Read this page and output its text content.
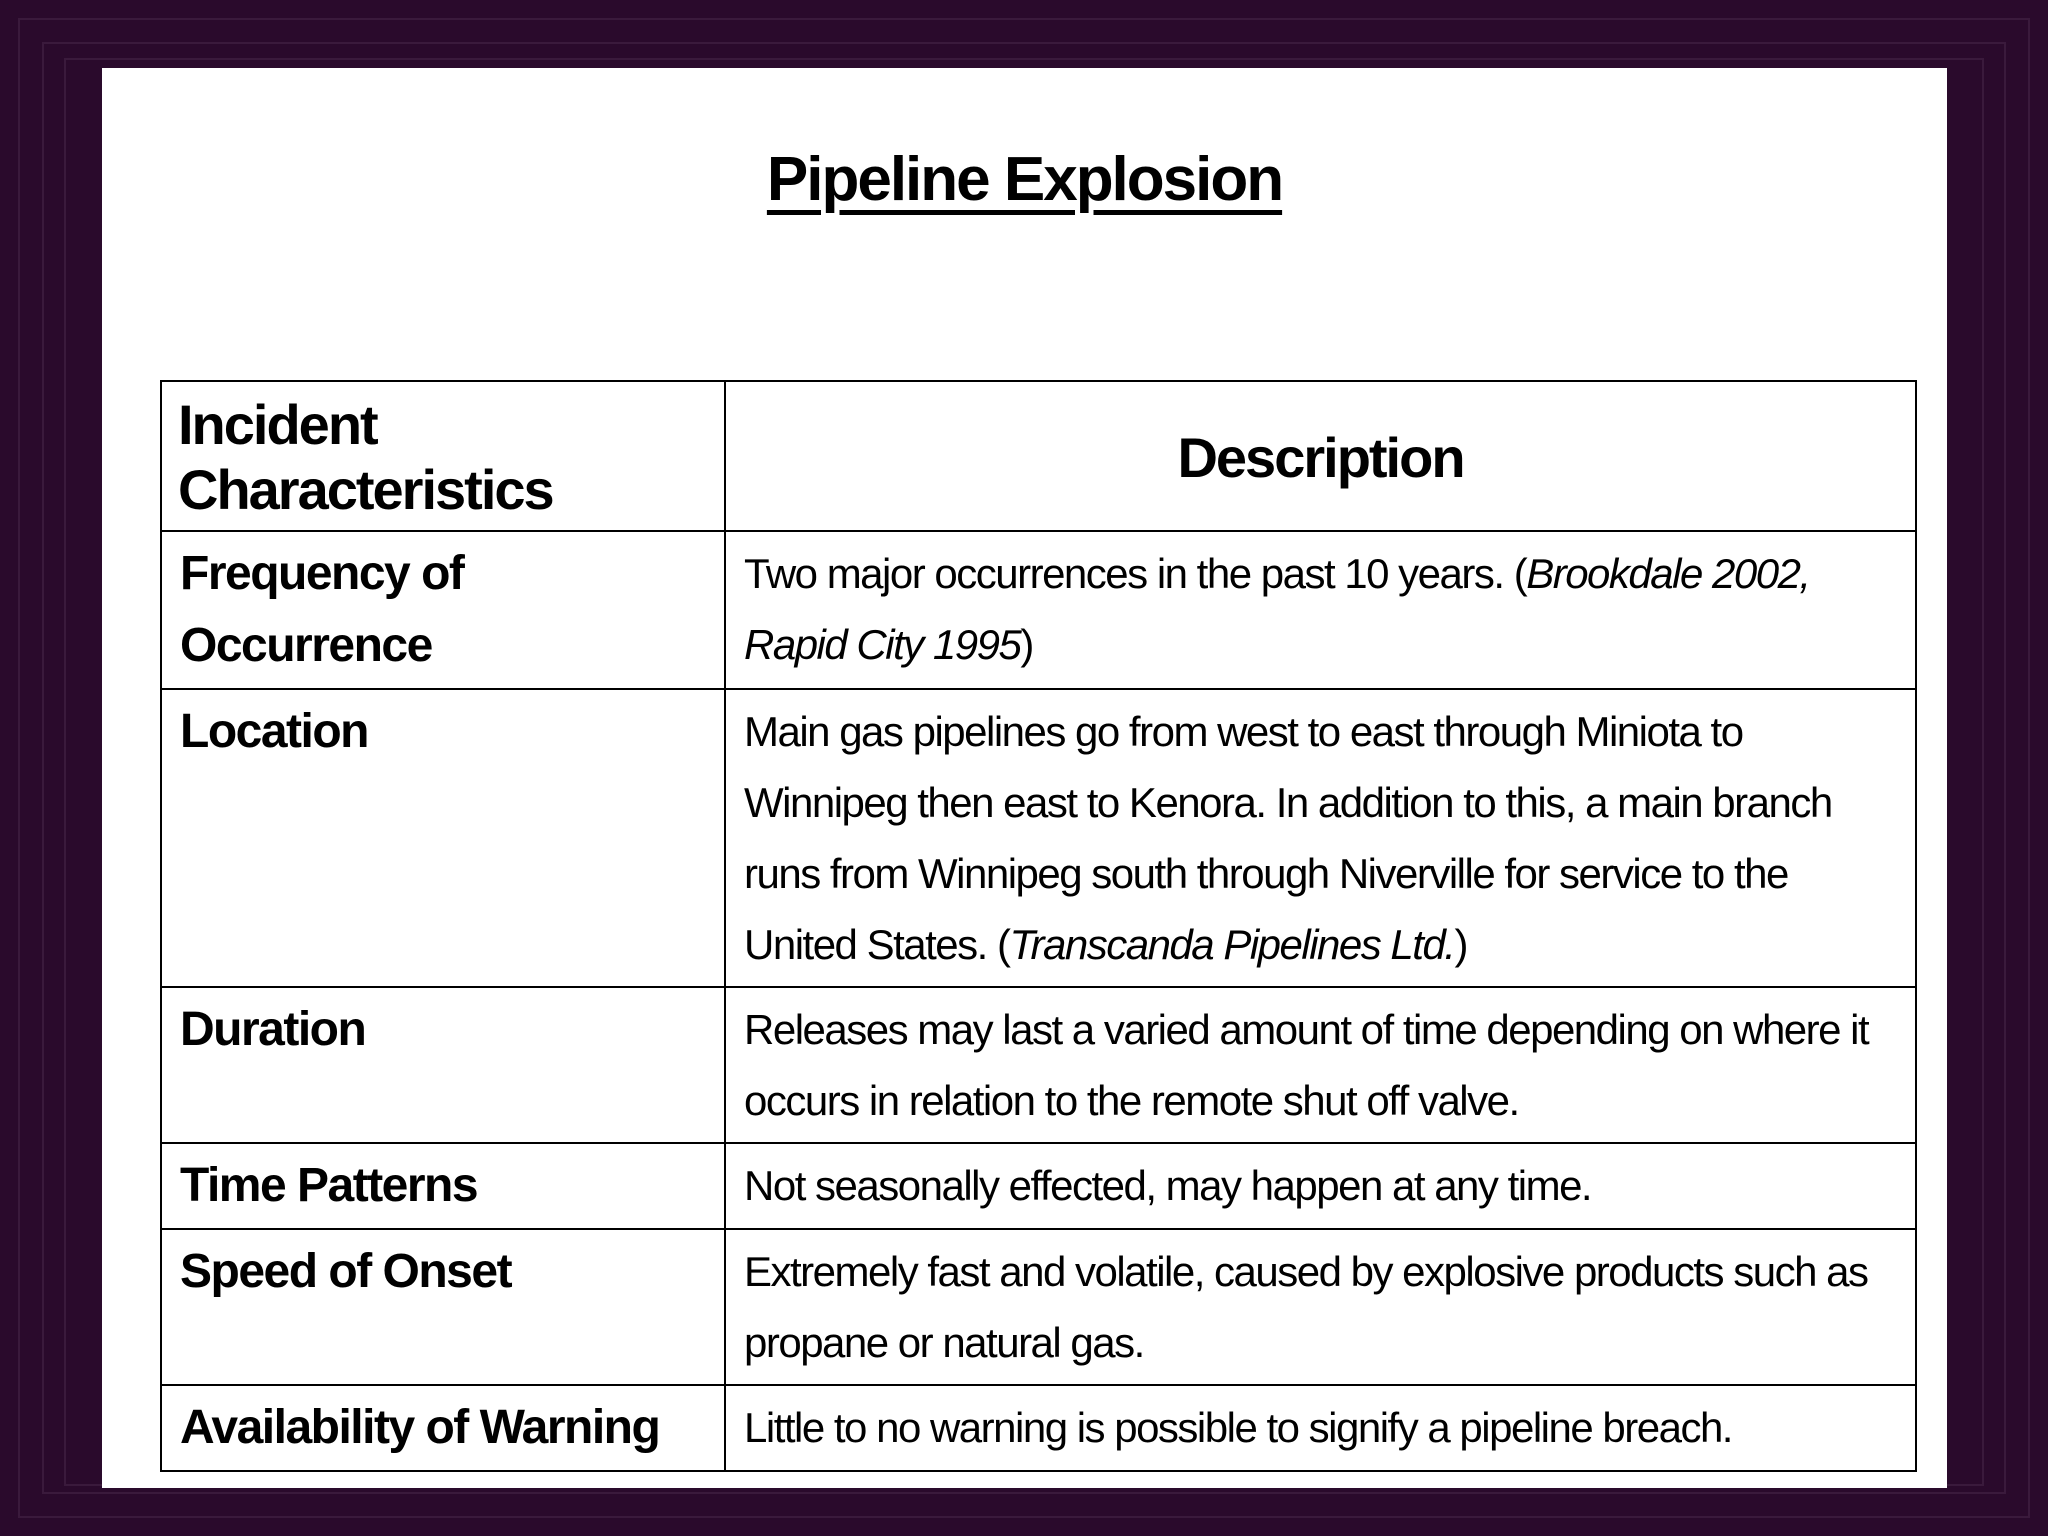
Pipeline Explosion
Incident Characteristics	Description
Frequency of Occurrence	Two major occurrences in the past 10 years. (Brookdale 2002, Rapid City 1995)
Location	Main gas pipelines go from west to east through Miniota to Winnipeg then east to Kenora. In addition to this, a main branch runs from Winnipeg south through Niverville for service to the United States. (Transcanda Pipelines Ltd.)
Duration	Releases may last a varied amount of time depending on where it occurs in relation to the remote shut off valve.
Time Patterns	Not seasonally effected, may happen at any time.
Speed of Onset	Extremely fast and volatile, caused by explosive products such as propane or natural gas.
Availability of Warning	Little to no warning is possible to signify a pipeline breach.
